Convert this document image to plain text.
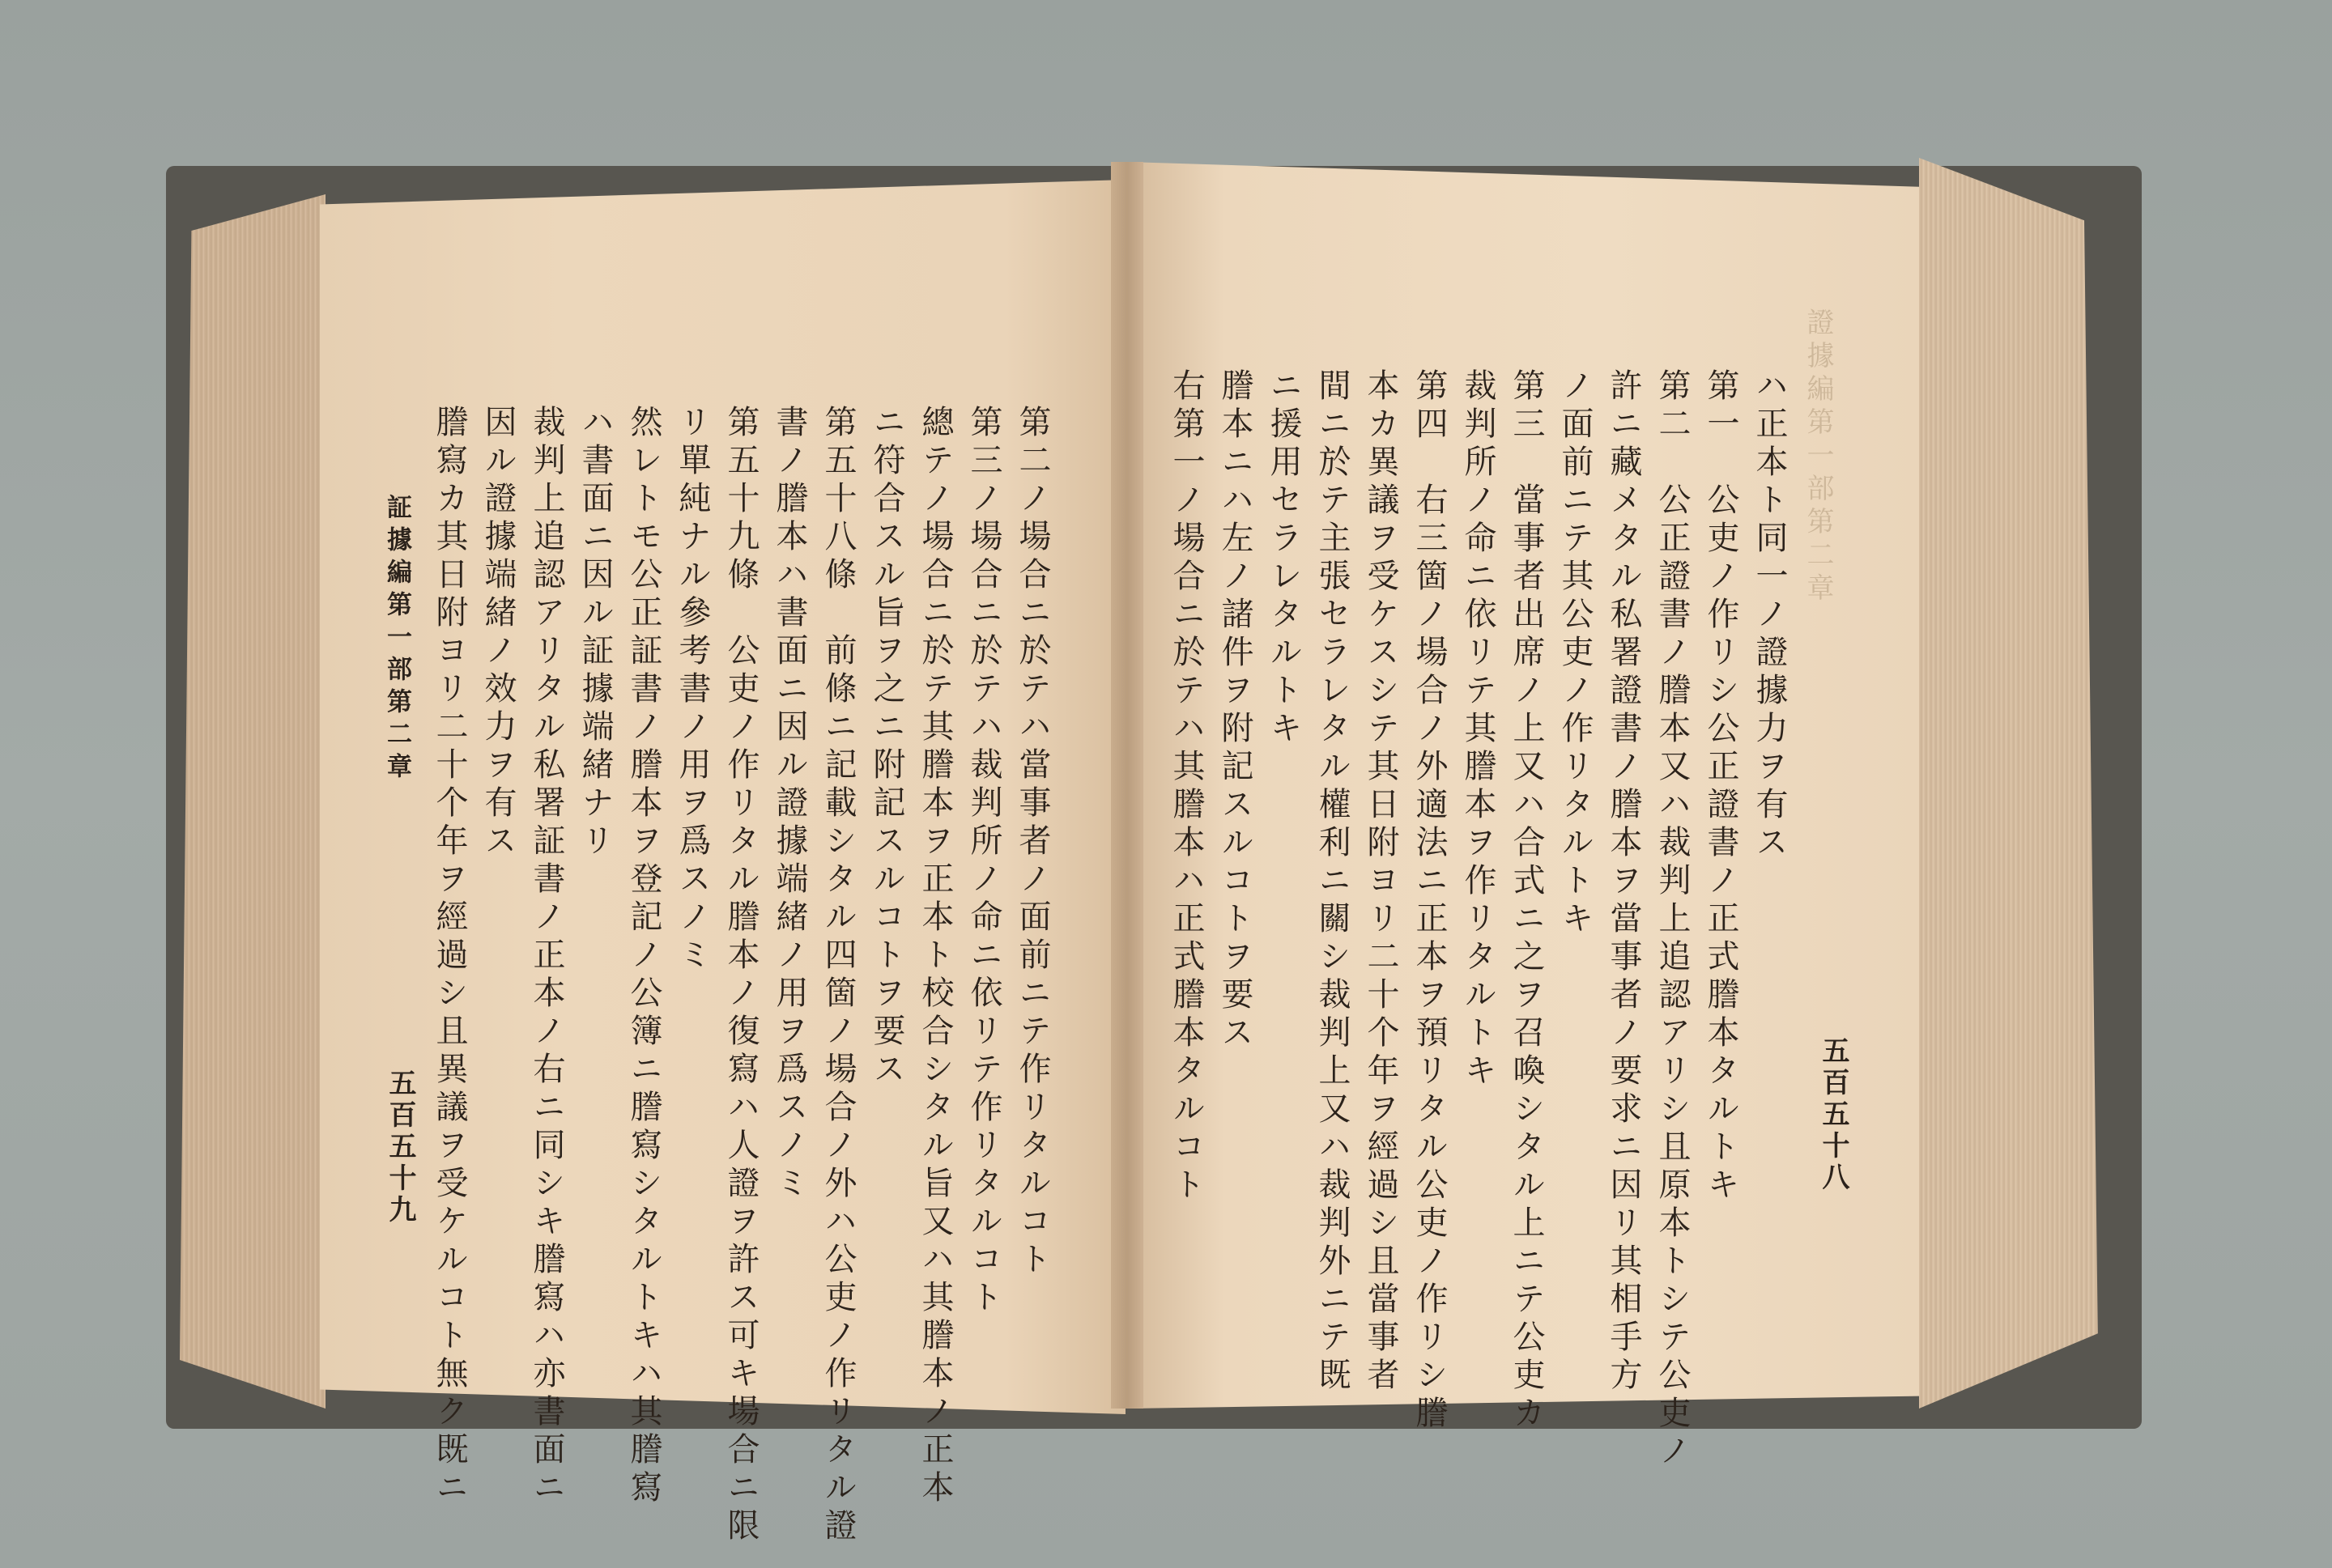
第二ノ場合ニ於テハ當事者ノ面前ニテ作リタルコト
第三ノ場合ニ於テハ裁判所ノ命ニ依リテ作リタルコト
總テノ場合ニ於テ其謄本ヲ正本ト校合シタル旨又ハ其謄本ノ正本
ニ符合スル旨ヲ之ニ附記スルコトヲ要ス
第五十八條　前條ニ記載シタル四箇ノ場合ノ外ハ公吏ノ作リタル證
書ノ謄本ハ書面ニ因ル證據端緒ノ用ヲ爲スノミ
第五十九條　公吏ノ作リタル謄本ノ復寫ハ人證ヲ許ス可キ場合ニ限
リ單純ナル參考書ノ用ヲ爲スノミ
然レトモ公正証書ノ謄本ヲ登記ノ公簿ニ謄寫シタルトキハ其謄寫
ハ書面ニ因ル証據端緒ナリ
裁判上追認アリタル私署証書ノ正本ノ右ニ同シキ謄寫ハ亦書面ニ
因ル證據端緒ノ效力ヲ有ス
謄寫カ其日附ヨリ二十个年ヲ經過シ且異議ヲ受ケルコト無ク既ニ
証據編第一部第二章
五百五十九
證據編第一部第二章
ハ正本ト同一ノ證據力ヲ有ス
第一　公吏ノ作リシ公正證書ノ正式謄本タルトキ
第二　公正證書ノ謄本又ハ裁判上追認アリシ且原本トシテ公吏ノ
許ニ藏メタル私署證書ノ謄本ヲ當事者ノ要求ニ因リ其相手方
ノ面前ニテ其公吏ノ作リタルトキ
第三　當事者出席ノ上又ハ合式ニ之ヲ召喚シタル上ニテ公吏カ
裁判所ノ命ニ依リテ其謄本ヲ作リタルトキ
第四　右三箇ノ場合ノ外適法ニ正本ヲ預リタル公吏ノ作リシ謄
本カ異議ヲ受ケスシテ其日附ヨリ二十个年ヲ經過シ且當事者
間ニ於テ主張セラレタル權利ニ關シ裁判上又ハ裁判外ニテ既
ニ援用セラレタルトキ
謄本ニハ左ノ諸件ヲ附記スルコトヲ要ス
右第一ノ場合ニ於テハ其謄本ハ正式謄本タルコト	五百五十八
